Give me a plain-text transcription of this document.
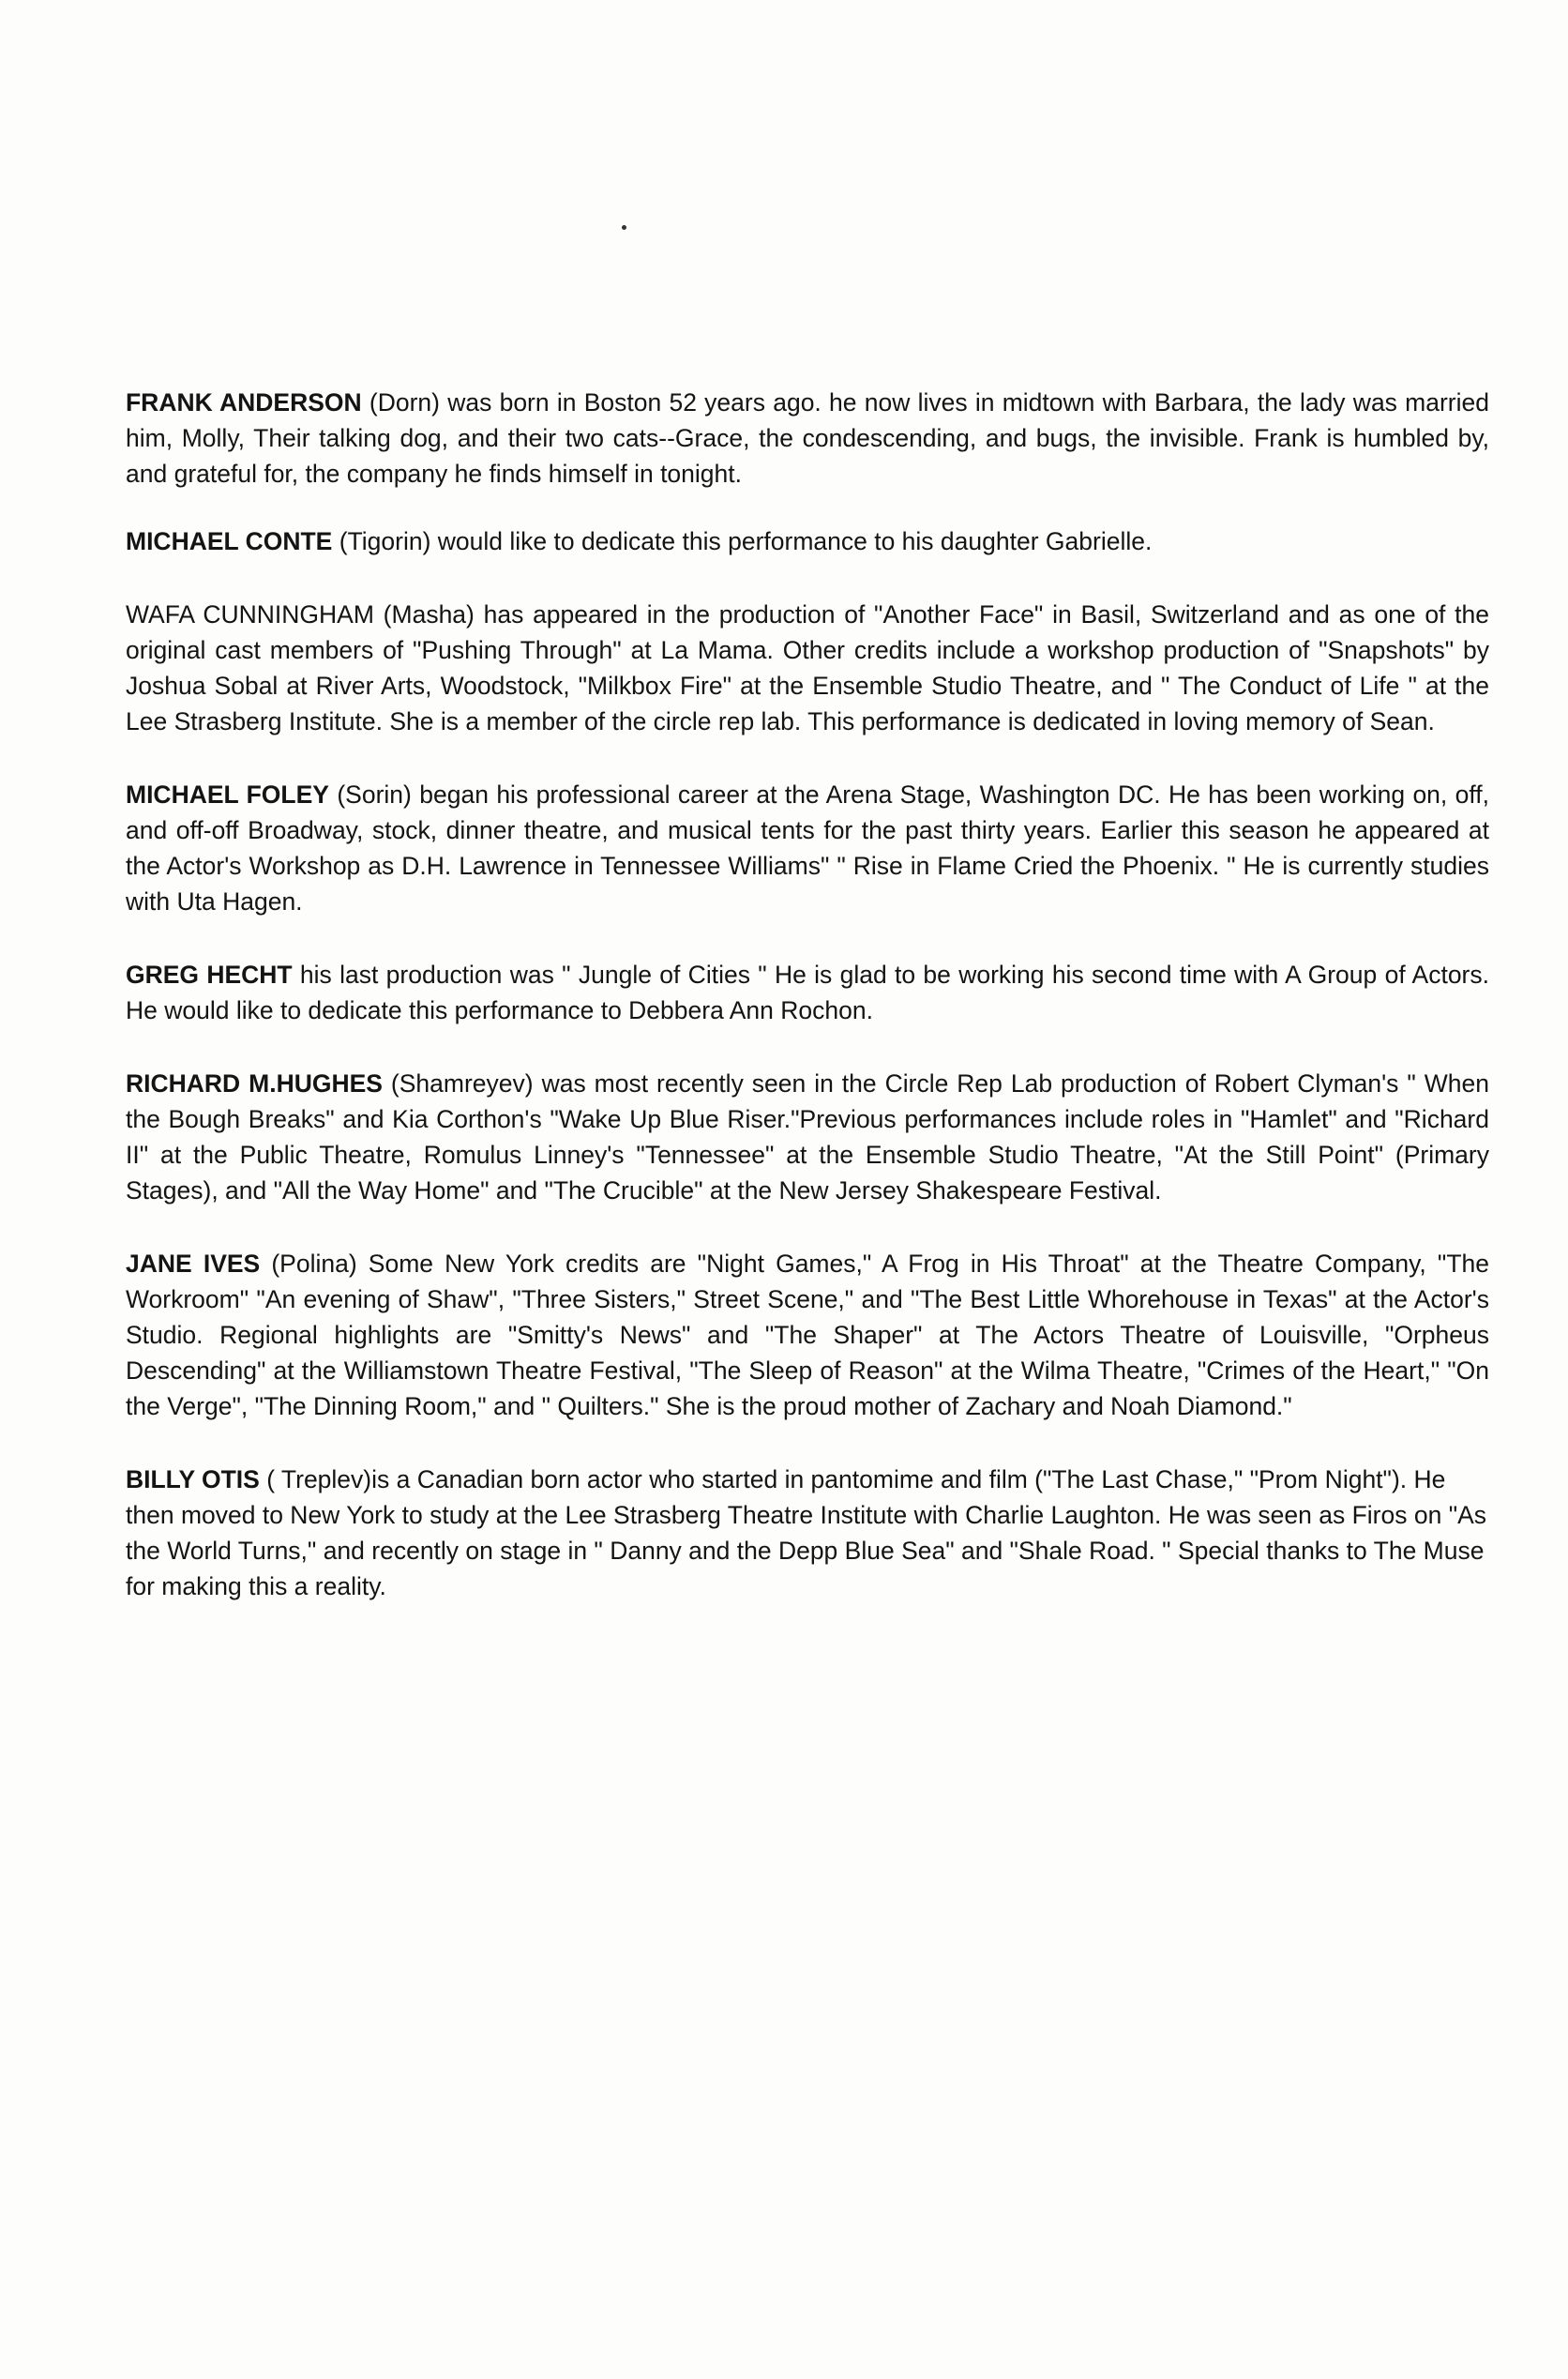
FRANK ANDERSON (Dorn) was born in Boston 52 years ago. he now lives in midtown with Barbara, the lady was married him, Molly, Their talking dog, and their two cats--Grace, the condescending, and bugs, the invisible. Frank is humbled by, and grateful for, the company he finds himself in tonight.

MICHAEL CONTE (Tigorin) would like to dedicate this performance to his daughter Gabrielle.

WAFA CUNNINGHAM (Masha) has appeared in the production of "Another Face" in Basil, Switzerland and as one of the original cast members of "Pushing Through" at La Mama. Other credits include a workshop production of "Snapshots" by Joshua Sobal at River Arts, Woodstock, "Milkbox Fire" at the Ensemble Studio Theatre, and " The Conduct of Life " at the Lee Strasberg Institute. She is a member of the circle rep lab. This performance is dedicated in loving memory of Sean.

MICHAEL FOLEY (Sorin) began his professional career at the Arena Stage, Washington DC. He has been working on, off, and off-off Broadway, stock, dinner theatre, and musical tents for the past thirty years. Earlier this season he appeared at the Actor's Workshop as D.H. Lawrence in Tennessee Williams" " Rise in Flame Cried the Phoenix. " He is currently studies with Uta Hagen.

GREG HECHT his last production was " Jungle of Cities " He is glad to be working his second time with A Group of Actors. He would like to dedicate this performance to Debbera Ann Rochon.

RICHARD M.HUGHES (Shamreyev) was most recently seen in the Circle Rep Lab production of Robert Clyman's " When the Bough Breaks" and Kia Corthon's "Wake Up Blue Riser."Previous performances include roles in "Hamlet" and "Richard II" at the Public Theatre, Romulus Linney's "Tennessee" at the Ensemble Studio Theatre, "At the Still Point" (Primary Stages), and "All the Way Home" and "The Crucible" at the New Jersey Shakespeare Festival.

JANE IVES (Polina) Some New York credits are "Night Games," A Frog in His Throat" at the Theatre Company, "The Workroom" "An evening of Shaw", "Three Sisters," Street Scene," and "The Best Little Whorehouse in Texas" at the Actor's Studio. Regional highlights are "Smitty's News" and "The Shaper" at The Actors Theatre of Louisville, "Orpheus Descending" at the Williamstown Theatre Festival, "The Sleep of Reason" at the Wilma Theatre, "Crimes of the Heart," "On the Verge", "The Dinning Room," and " Quilters." She is the proud mother of Zachary and Noah Diamond."

BILLY OTIS ( Treplev)is a Canadian born actor who started in pantomime and film ("The Last Chase," "Prom Night"). He then moved to New York to study at the Lee Strasberg Theatre Institute with Charlie Laughton. He was seen as Firos on "As the World Turns," and recently on stage in " Danny and the Depp Blue Sea" and "Shale Road. " Special thanks to The Muse for making this a reality.
